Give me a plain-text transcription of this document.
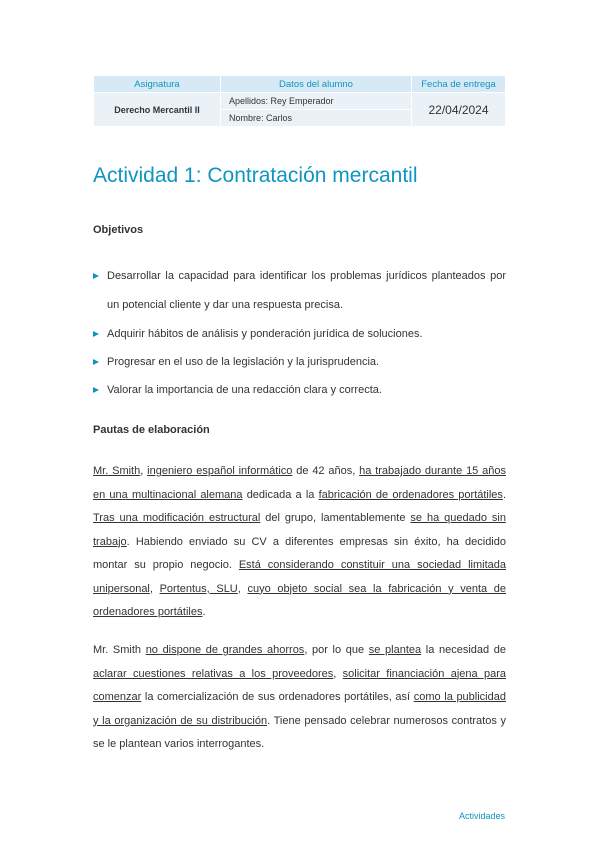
Asignatura	Datos del alumno	Fecha de entrega
Derecho Mercantil II	Apellidos: Rey Emperador	22/04/2024
	Nombre: Carlos	
Actividad 1: Contratación mercantil
Objetivos
Desarrollar la capacidad para identificar los problemas jurídicos planteados por un potencial cliente y dar una respuesta precisa.
Adquirir hábitos de análisis y ponderación jurídica de soluciones.
Progresar en el uso de la legislación y la jurisprudencia.
Valorar la importancia de una redacción clara y correcta.
Pautas de elaboración

Mr. Smith, ingeniero español informático de 42 años, ha trabajado durante 15 años en una multinacional alemana dedicada a la fabricación de ordenadores portátiles. Tras una modificación estructural del grupo, lamentablemente se ha quedado sin trabajo. Habiendo enviado su CV a diferentes empresas sin éxito, ha decidido montar su propio negocio. Está considerando constituir una sociedad limitada unipersonal, Portentus, SLU, cuyo objeto social sea la fabricación y venta de ordenadores portátiles.

Mr. Smith no dispone de grandes ahorros, por lo que se plantea la necesidad de aclarar cuestiones relativas a los proveedores, solicitar financiación ajena para comenzar la comercialización de sus ordenadores portátiles, así como la publicidad y la organización de su distribución. Tiene pensado celebrar numerosos contratos y se le plantean varios interrogantes.

Actividades
